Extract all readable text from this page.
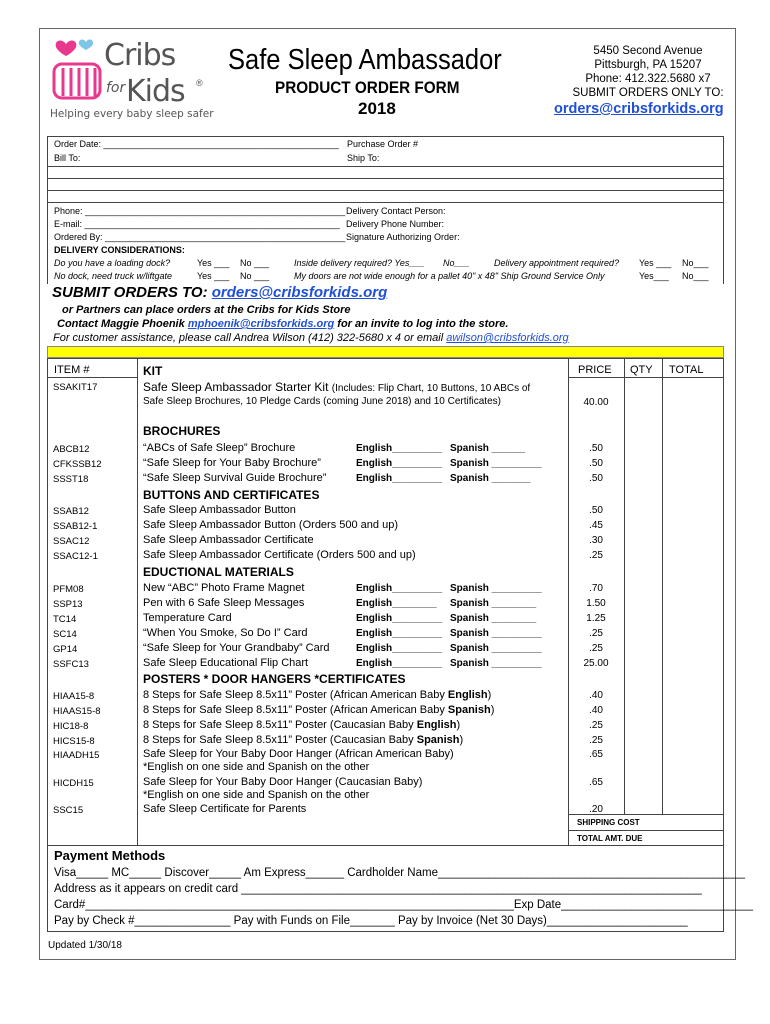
Cribs
for Kids ®
Helping every baby sleep safer
Safe Sleep Ambassador
PRODUCT ORDER FORM
2018
5450 Second Avenue
Pittsburgh, PA 15207
Phone: 412.322.5680 x7
SUBMIT ORDERS ONLY TO:
orders@cribsforkids.org
Order Date: _______________________________________________ Purchase Order #
Bill To:	Ship To:
Phone: ____________________________________________________ Delivery Contact Person:
E-mail: ___________________________________________________ Delivery Phone Number:
Ordered By: ________________________________________________ Signature Authorizing Order:
DELIVERY CONSIDERATIONS:
Do you have a loading dock?	Yes ___ No ___	Inside delivery required? Yes___ No___	Delivery appointment required? Yes ___ No___
No dock, need truck w/liftgate	Yes ___ No ___	My doors are not wide enough for a pallet 40" x 48" Ship Ground Service Only	Yes___ No___
SUBMIT ORDERS TO: orders@cribsforkids.org
or Partners can place orders at the Cribs for Kids Store
Contact Maggie Phoenik mphoenik@cribsforkids.org for an invite to log into the store.
For customer assistance, please call Andrea Wilson (412) 322-5680 x 4 or email awilson@cribsforkids.org
ITEM #	KIT	PRICE QTY TOTAL
SSAKIT17	Safe Sleep Ambassador Starter Kit (Includes: Flip Chart, 10 Buttons, 10 ABCs of
Safe Sleep Brochures, 10 Pledge Cards (coming June 2018) and 10 Certificates)	40.00
BROCHURES
BUTTONS AND CERTIFICATES
EDUCTIONAL MATERIALS
POSTERS * DOOR HANGERS *CERTIFICATES
ABCB12	“ABCs of Safe Sleep” Brochure	English_________ Spanish ______	.50
CFKSSB12	“Safe Sleep for Your Baby Brochure”	English_________ Spanish _________	.50
SSST18	“Safe Sleep Survival Guide Brochure”	English_________ Spanish _______	.50
SSAB12	Safe Sleep Ambassador Button	.50
SSAB12-1	Safe Sleep Ambassador Button (Orders 500 and up)	.45
SSAC12	Safe Sleep Ambassador Certificate	.30
SSAC12-1	Safe Sleep Ambassador Certificate (Orders 500 and up)	.25
PFM08	New “ABC” Photo Frame Magnet	English_________ Spanish _________	.70
SSP13	Pen with 6 Safe Sleep Messages	English________ Spanish ________	1.50
TC14	Temperature Card	English_________ Spanish ________	1.25
SC14	“When You Smoke, So Do I” Card	English_________ Spanish _________	.25
GP14	“Safe Sleep for Your Grandbaby” Card	English_________ Spanish _________	.25
SSFC13	Safe Sleep Educational Flip Chart	English_________ Spanish _________	25.00
HIAA15-8	8 Steps for Safe Sleep 8.5x11” Poster (African American Baby English)	.40
HIAAS15-8	8 Steps for Safe Sleep 8.5x11” Poster (African American Baby Spanish)	.40
HIC18-8	8 Steps for Safe Sleep 8.5x11” Poster (Caucasian Baby English)	.25
HICS15-8	8 Steps for Safe Sleep 8.5x11” Poster (Caucasian Baby Spanish)	.25
HIAADH15	Safe Sleep for Your Baby Door Hanger (African American Baby)
*English on one side and Spanish on the other
.65
HICDH15	Safe Sleep for Your Baby Door Hanger (Caucasian Baby)
*English on one side and Spanish on the other
.65
SSC15	Safe Sleep Certificate for Parents	.20
SHIPPING COST
TOTAL AMT. DUE
Payment Methods
Visa_____ MC_____ Discover_____ Am Express______ Cardholder Name________________________________________________
Address as it appears on credit card ________________________________________________________________________
Card#___________________________________________________________________Exp Date______________________________
Pay by Check #_______________ Pay with Funds on File_______ Pay by Invoice (Net 30 Days)______________________
Updated 1/30/18
